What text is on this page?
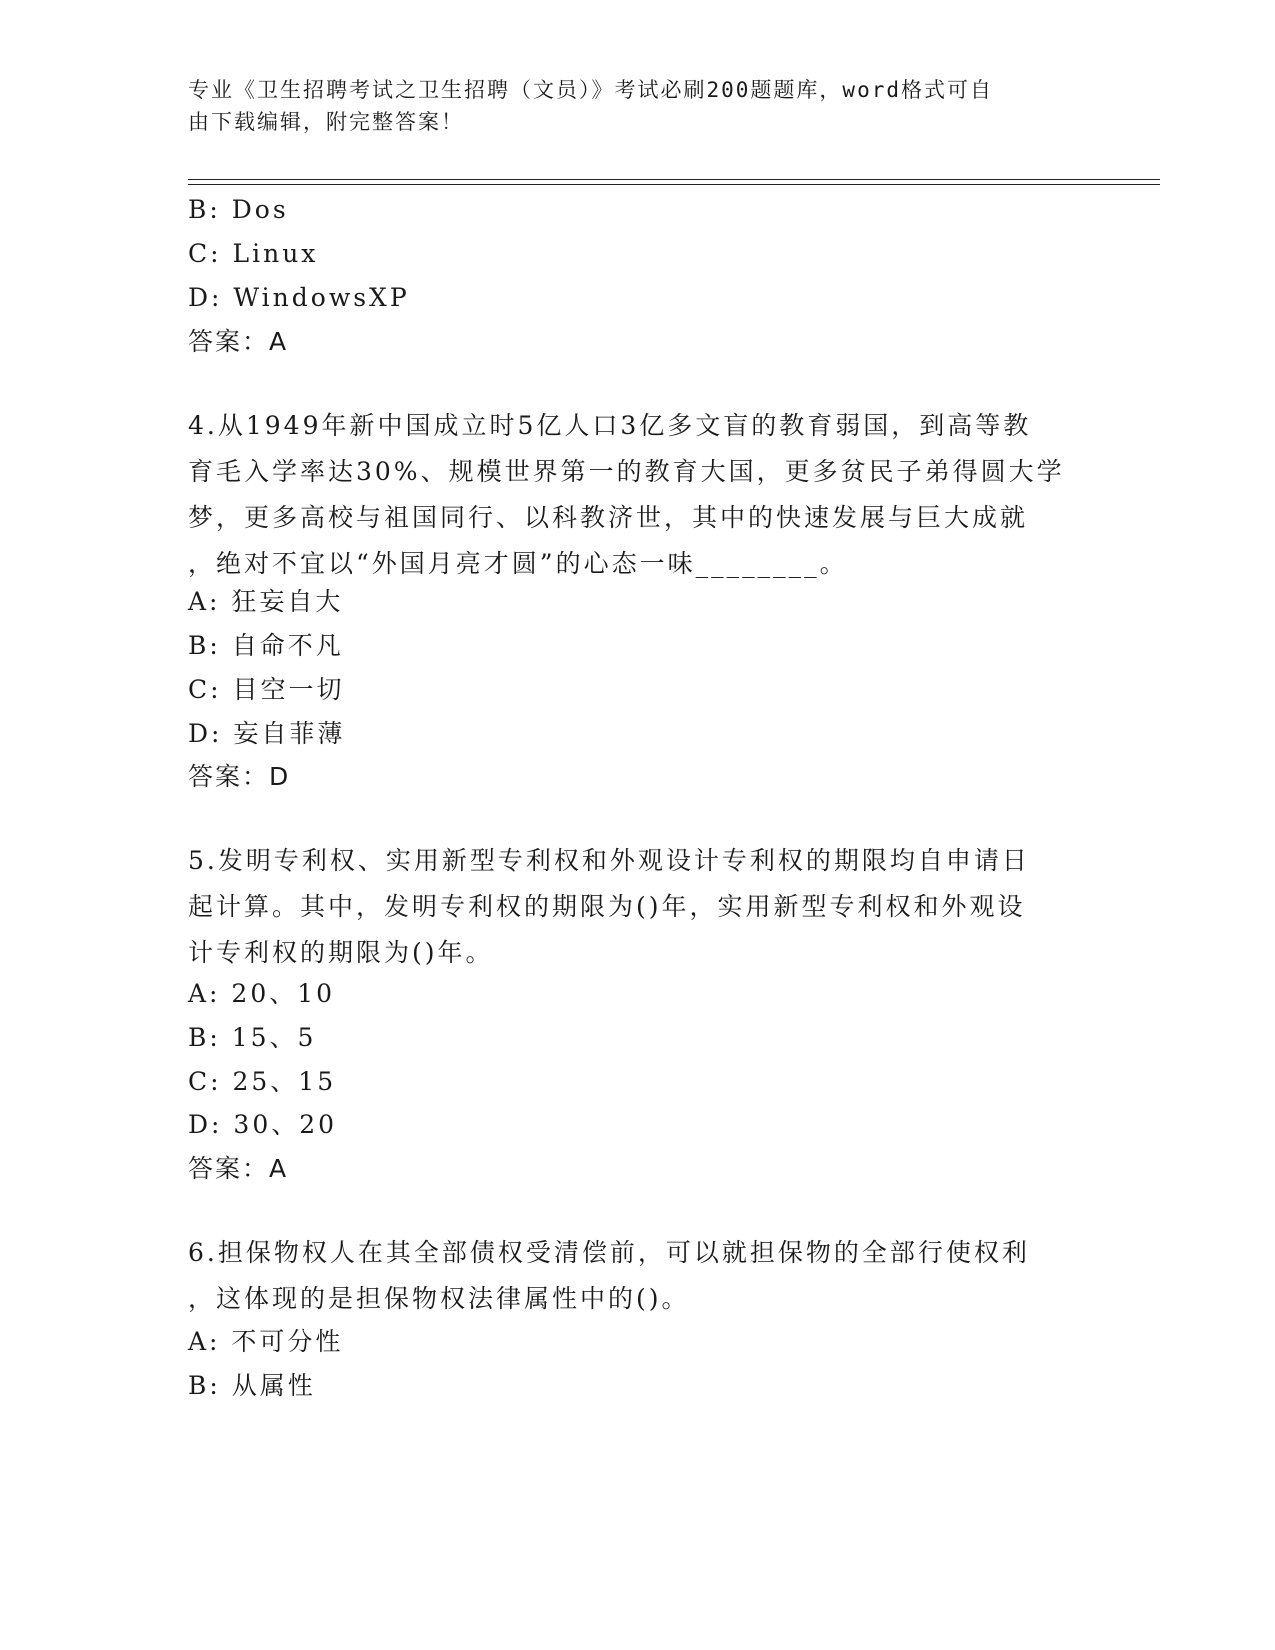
专业《卫生招聘考试之卫生招聘（文员）》考试必刷200题题库，word格式可自
由下载编辑，附完整答案！
B: Dos
C: Linux
D: WindowsXP
答案：A
4.从1949年新中国成立时5亿人口3亿多文盲的教育弱国，到高等教
育毛入学率达30%、规模世界第一的教育大国，更多贫民子弟得圆大学
梦，更多高校与祖国同行、以科教济世，其中的快速发展与巨大成就
，绝对不宜以“外国月亮才圆”的心态一味________。
A: 狂妄自大
B: 自命不凡
C: 目空一切
D: 妄自菲薄
答案：D
5.发明专利权、实用新型专利权和外观设计专利权的期限均自申请日
起计算。其中，发明专利权的期限为()年，实用新型专利权和外观设
计专利权的期限为()年。
A: 20、10
B: 15、5
C: 25、15
D: 30、20
答案：A
6.担保物权人在其全部债权受清偿前，可以就担保物的全部行使权利
，这体现的是担保物权法律属性中的()。
A: 不可分性
B: 从属性
